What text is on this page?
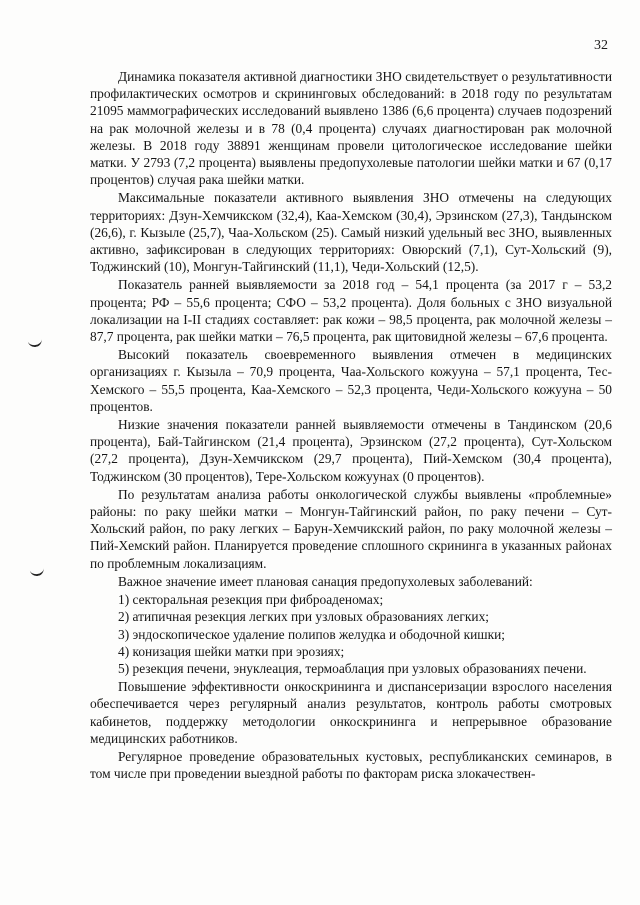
32

Динамика показателя активной диагностики ЗНО свидетельствует о результативности профилактических осмотров и скрининговых обследований: в 2018 году по результатам 21095 маммографических исследований выявлено 1386 (6,6 процента) случаев подозрений на рак молочной железы и в 78 (0,4 процента) случаях диагностирован рак молочной железы. В 2018 году 38891 женщинам провели цитологическое исследование шейки матки. У 2793 (7,2 процента) выявлены предопухолевые патологии шейки матки и 67 (0,17 процентов) случая рака шейки матки.

Максимальные показатели активного выявления ЗНО отмечены на следующих территориях: Дзун-Хемчикском (32,4), Каа-Хемском (30,4), Эрзинском (27,3), Тандынском (26,6), г. Кызыле (25,7), Чаа-Хольском (25). Самый низкий удельный вес ЗНО, выявленных активно, зафиксирован в следующих территориях: Овюрский (7,1), Сут-Хольский (9), Тоджинский (10), Монгун-Тайгинский (11,1), Чеди-Хольский (12,5).

Показатель ранней выявляемости за 2018 год – 54,1 процента (за 2017 г – 53,2 процента; РФ – 55,6 процента; СФО – 53,2 процента). Доля больных с ЗНО визуальной локализации на I-II стадиях составляет: рак кожи – 98,5 процента, рак молочной железы – 87,7 процента, рак шейки матки – 76,5 процента, рак щитовидной железы – 67,6 процента.

Высокий показатель своевременного выявления отмечен в медицинских организациях г. Кызыла – 70,9 процента, Чаа-Хольского кожууна – 57,1 процента, Тес-Хемского – 55,5 процента, Каа-Хемского – 52,3 процента, Чеди-Хольского кожууна – 50 процентов.

Низкие значения показатели ранней выявляемости отмечены в Тандинском (20,6 процента), Бай-Тайгинском (21,4 процента), Эрзинском (27,2 процента), Сут-Хольском (27,2 процента), Дзун-Хемчикском (29,7 процента), Пий-Хемском (30,4 процента), Тоджинском (30 процентов), Тере-Хольском кожуунах (0 процентов).

По результатам анализа работы онкологической службы выявлены «проблемные» районы: по раку шейки матки – Монгун-Тайгинский район, по раку печени – Сут-Хольский район, по раку легких – Барун-Хемчикский район, по раку молочной железы – Пий-Хемский район. Планируется проведение сплошного скрининга в указанных районах по проблемным локализациям.

Важное значение имеет плановая санация предопухолевых заболеваний:

1) секторальная резекция при фиброаденомах;
2) атипичная резекция легких при узловых образованиях легких;
3) эндоскопическое удаление полипов желудка и ободочной кишки;
4) конизация шейки матки при эрозиях;
5) резекция печени, энуклеация, термоаблация при узловых образованиях печени.

Повышение эффективности онкоскрининга и диспансеризации взрослого населения обеспечивается через регулярный анализ результатов, контроль работы смотровых кабинетов, поддержку методологии онкоскрининга и непрерывное образование медицинских работников.

Регулярное проведение образовательных кустовых, республиканских семинаров, в том числе при проведении выездной работы по факторам риска злокачествен-
